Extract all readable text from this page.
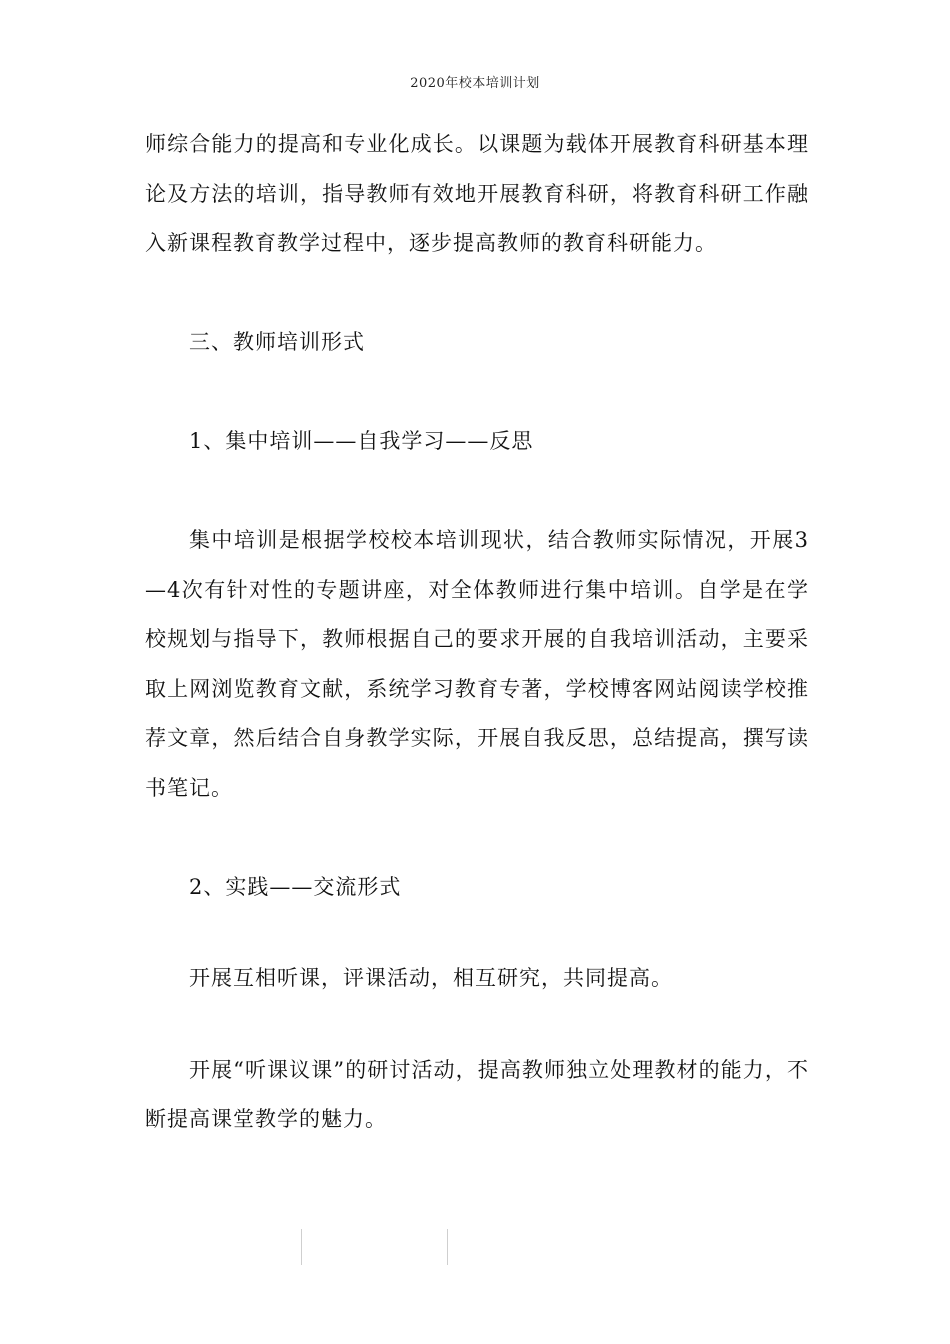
2020年校本培训计划

师综合能力的提高和专业化成长。以课题为载体开展教育科研基本理论及方法的培训，指导教师有效地开展教育科研，将教育科研工作融入新课程教育教学过程中，逐步提高教师的教育科研能力。

三、教师培训形式

1、集中培训——自我学习——反思

集中培训是根据学校校本培训现状，结合教师实际情况，开展3—4次有针对性的专题讲座，对全体教师进行集中培训。自学是在学校规划与指导下，教师根据自己的要求开展的自我培训活动，主要采取上网浏览教育文献，系统学习教育专著，学校博客网站阅读学校推荐文章，然后结合自身教学实际，开展自我反思，总结提高，撰写读书笔记。

2、实践——交流形式

开展互相听课，评课活动，相互研究，共同提高。

开展“听课议课”的研讨活动，提高教师独立处理教材的能力，不断提高课堂教学的魅力。
